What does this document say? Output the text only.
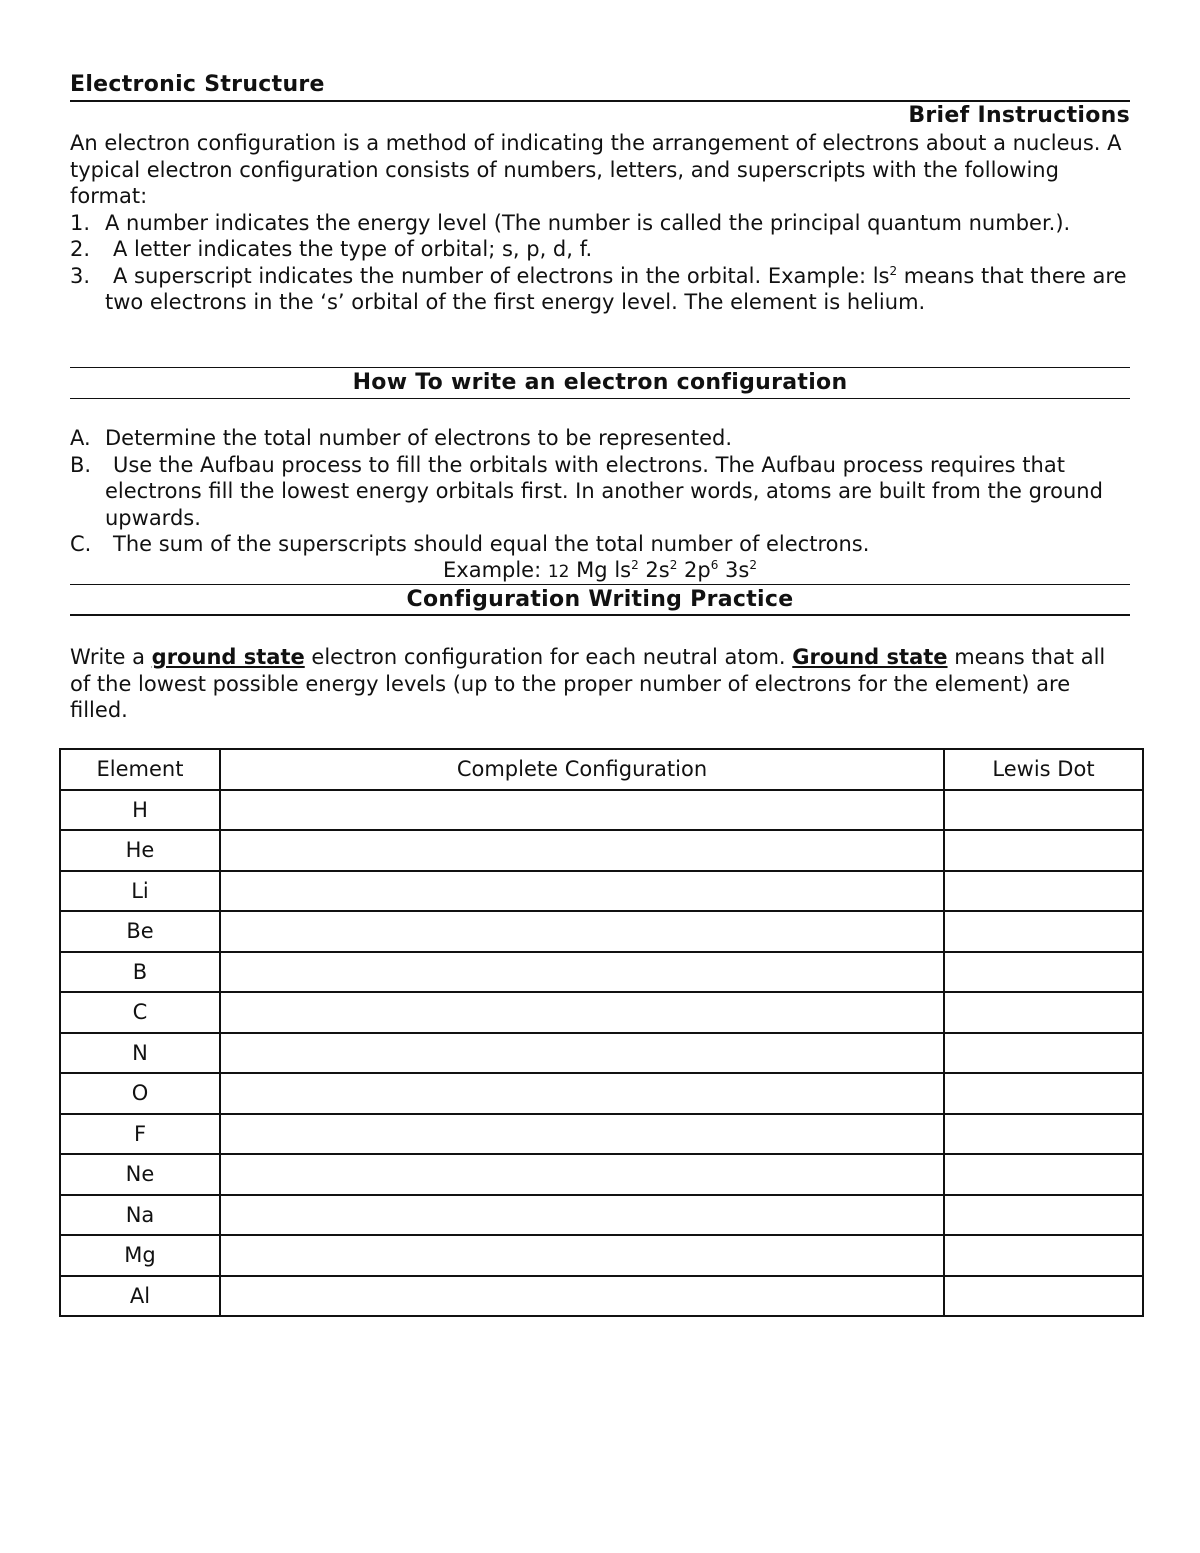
Electronic Structure
Brief Instructions

An electron configuration is a method of indicating the arrangement of electrons about a nucleus. A typical electron configuration consists of numbers, letters, and superscripts with the following format:

1. A number indicates the energy level (The number is called the principal quantum number.).
2. A letter indicates the type of orbital; s, p, d, f.
3. A superscript indicates the number of electrons in the orbital. Example: $ls^2$ means that there are two electrons in the ‘s’ orbital of the first energy level. The element is helium.
How To write an electron configuration
A. Determine the total number of electrons to be represented.
B. Use the Aufbau process to fill the orbitals with electrons. The Aufbau process requires that electrons fill the lowest energy orbitals first. In another words, atoms are built from the ground upwards.
C. The sum of the superscripts should equal the total number of electrons.
Example: 12 Mg $ls^2$ $2s^2$ $2p^6$ $3s^2$
Configuration Writing Practice

Write a ground state electron configuration for each neutral atom. Ground state means that all of the lowest possible energy levels (up to the proper number of electrons for the element) are filled.

Element	Complete Configuration	Lewis Dot
H		
He		
Li		
Be		
B		
C		
N		
O		
F		
Ne		
Na		
Mg		
Al		
